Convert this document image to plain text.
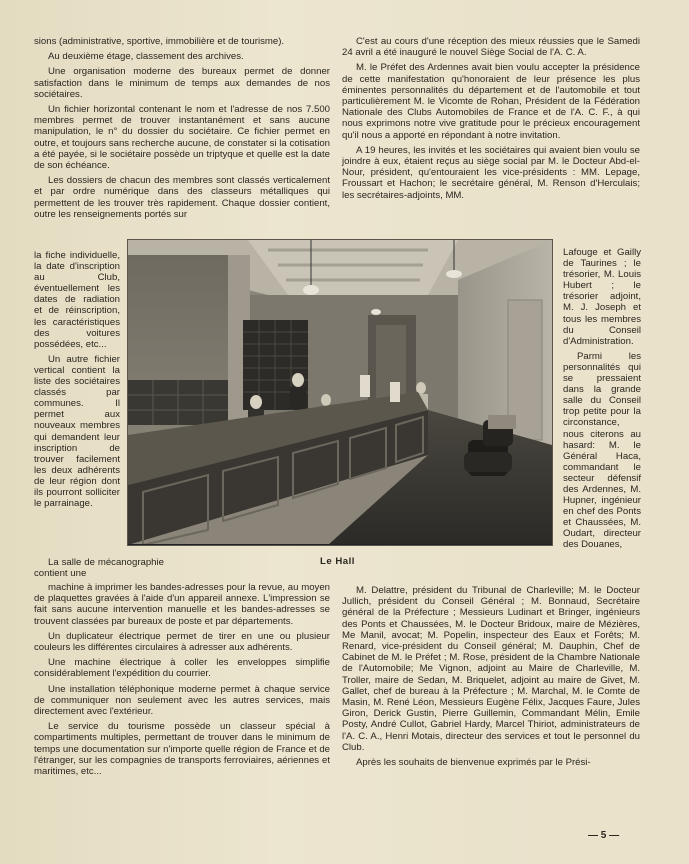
sions (administrative, sportive, immobilière et de tourisme).

Au deuxième étage, classement des archives.

Une organisation moderne des bureaux permet de donner satisfaction dans le minimum de temps aux demandes de nos sociétaires.

Un fichier horizontal contenant le nom et l'adresse de nos 7.500 membres permet de trouver instantanément et sans aucune manipulation, le n° du dossier du sociétaire. Ce fichier permet en outre, et toujours sans recherche aucune, de constater si la cotisation a été payée, si le sociétaire possède un triptyque et quelle est la date de son échéance.

Les dossiers de chacun des membres sont classés verticalement et par ordre numérique dans des classeurs métalliques qui permettent de les trouver très rapidement. Chaque dossier contient, outre les renseignements portés sur

la fiche individuelle, la date d'inscription au Club, éventuellement les dates de radiation et de réinscription, les caractéristiques des voitures possédées, etc...
Un autre fichier vertical contient la liste des sociétaires classés par communes. Il permet aux nouveaux membres qui demandent leur inscription de trouver facilement les deux adhérents de leur région dont ils pourront solliciter le parrainage.

C'est au cours d'une réception des mieux réussies que le Samedi 24 avril a été inauguré le nouvel Siège Social de l'A. C. A.

M. le Préfet des Ardennes avait bien voulu accepter la présidence de cette manifestation qu'honoraient de leur présence les plus éminentes personnalités du département et de l'automobile et tout particulièrement M. le Vicomte de Rohan, Président de la Fédération Nationale des Clubs Automobiles de France et de l'A. C. F., à qui nous exprimons notre vive gratitude pour le précieux encouragement qu'il nous a apporté en répondant à notre invitation.

A 19 heures, les invités et les sociétaires qui avaient bien voulu se joindre à eux, étaient reçus au siège social par M. le Docteur Abd-el-Nour, président, qu'entouraient les vice-présidents : MM. Lepage, Froussart et Hachon; le secrétaire général, M. Renson d'Herculais; les secrétaires-adjoints, MM.

Lafouge et Gailly de Taurines ; le trésorier, M. Louis Hubert ; le trésorier adjoint, M. J. Joseph et tous les membres du Conseil d'Administration.
Parmi les personnalités qui se pressaient dans la grande salle du Conseil trop petite pour la circonstance, nous citerons au hasard: M. le Général Haca, commandant le secteur défensif des Ardennes, M. Hupner, ingénieur en chef des Ponts et Chaussées, M. Oudart, directeur des Douanes,
Le Hall
La salle de mécanographie contient une

machine à imprimer les bandes-adresses pour la revue, au moyen de plaquettes gravées à l'aide d'un appareil annexe. L'impression se fait sans aucune intervention manuelle et les bandes-adresses se trouvent classées par bureaux de poste et par départements.

Un duplicateur électrique permet de tirer en une ou plusieur couleurs les différentes circulaires à adresser aux adhérents.

Une machine électrique à coller les enveloppes simplifie considérablement l'expédition du courrier.

Une installation téléphonique moderne permet à chaque service de communiquer non seulement avec les autres services, mais directement avec l'extérieur.

Le service du tourisme possède un classeur spécial à compartiments multiples, permettant de trouver dans le minimum de temps une documentation sur n'importe quelle région de France et de l'étranger, sur les compagnies de transports ferroviaires, aériennes et maritimes, etc...

M. Delattre, président du Tribunal de Charleville; M. le Docteur Jullich, président du Conseil Général ; M. Bonnaud, Secrétaire général de la Préfecture ; Messieurs Ludinart et Bringer, ingénieurs des Ponts et Chaussées, M. le Docteur Bridoux, maire de Mézières, Me Manil, avocat; M. Popelin, inspecteur des Eaux et Forêts; M. Renard, vice-président du Conseil général; M. Dauphin, Chef de Cabinet de M. le Préfet ; M. Rose, président de la Chambre Nationale de l'Automobile; Me Vignon, adjoint au Maire de Charleville, M. Troller, maire de Sedan, M. Briquelet, adjoint au maire de Givet, M. Gallet, chef de bureau à la Préfecture ; M. Marchal, M. le Comte de Masin, M. René Léon, Messieurs Eugène Félix, Jacques Faure, Jules Giron, Derick Gustin, Pierre Guillemin, Commandant Mélin, Emile Posty, André Cullot, Gabriel Hardy, Marcel Thiriot, administrateurs de l'A. C. A., Henri Motais, directeur des services et tout le personnel du Club.

Après les souhaits de bienvenue exprimés par le Prési-

— 5 —
